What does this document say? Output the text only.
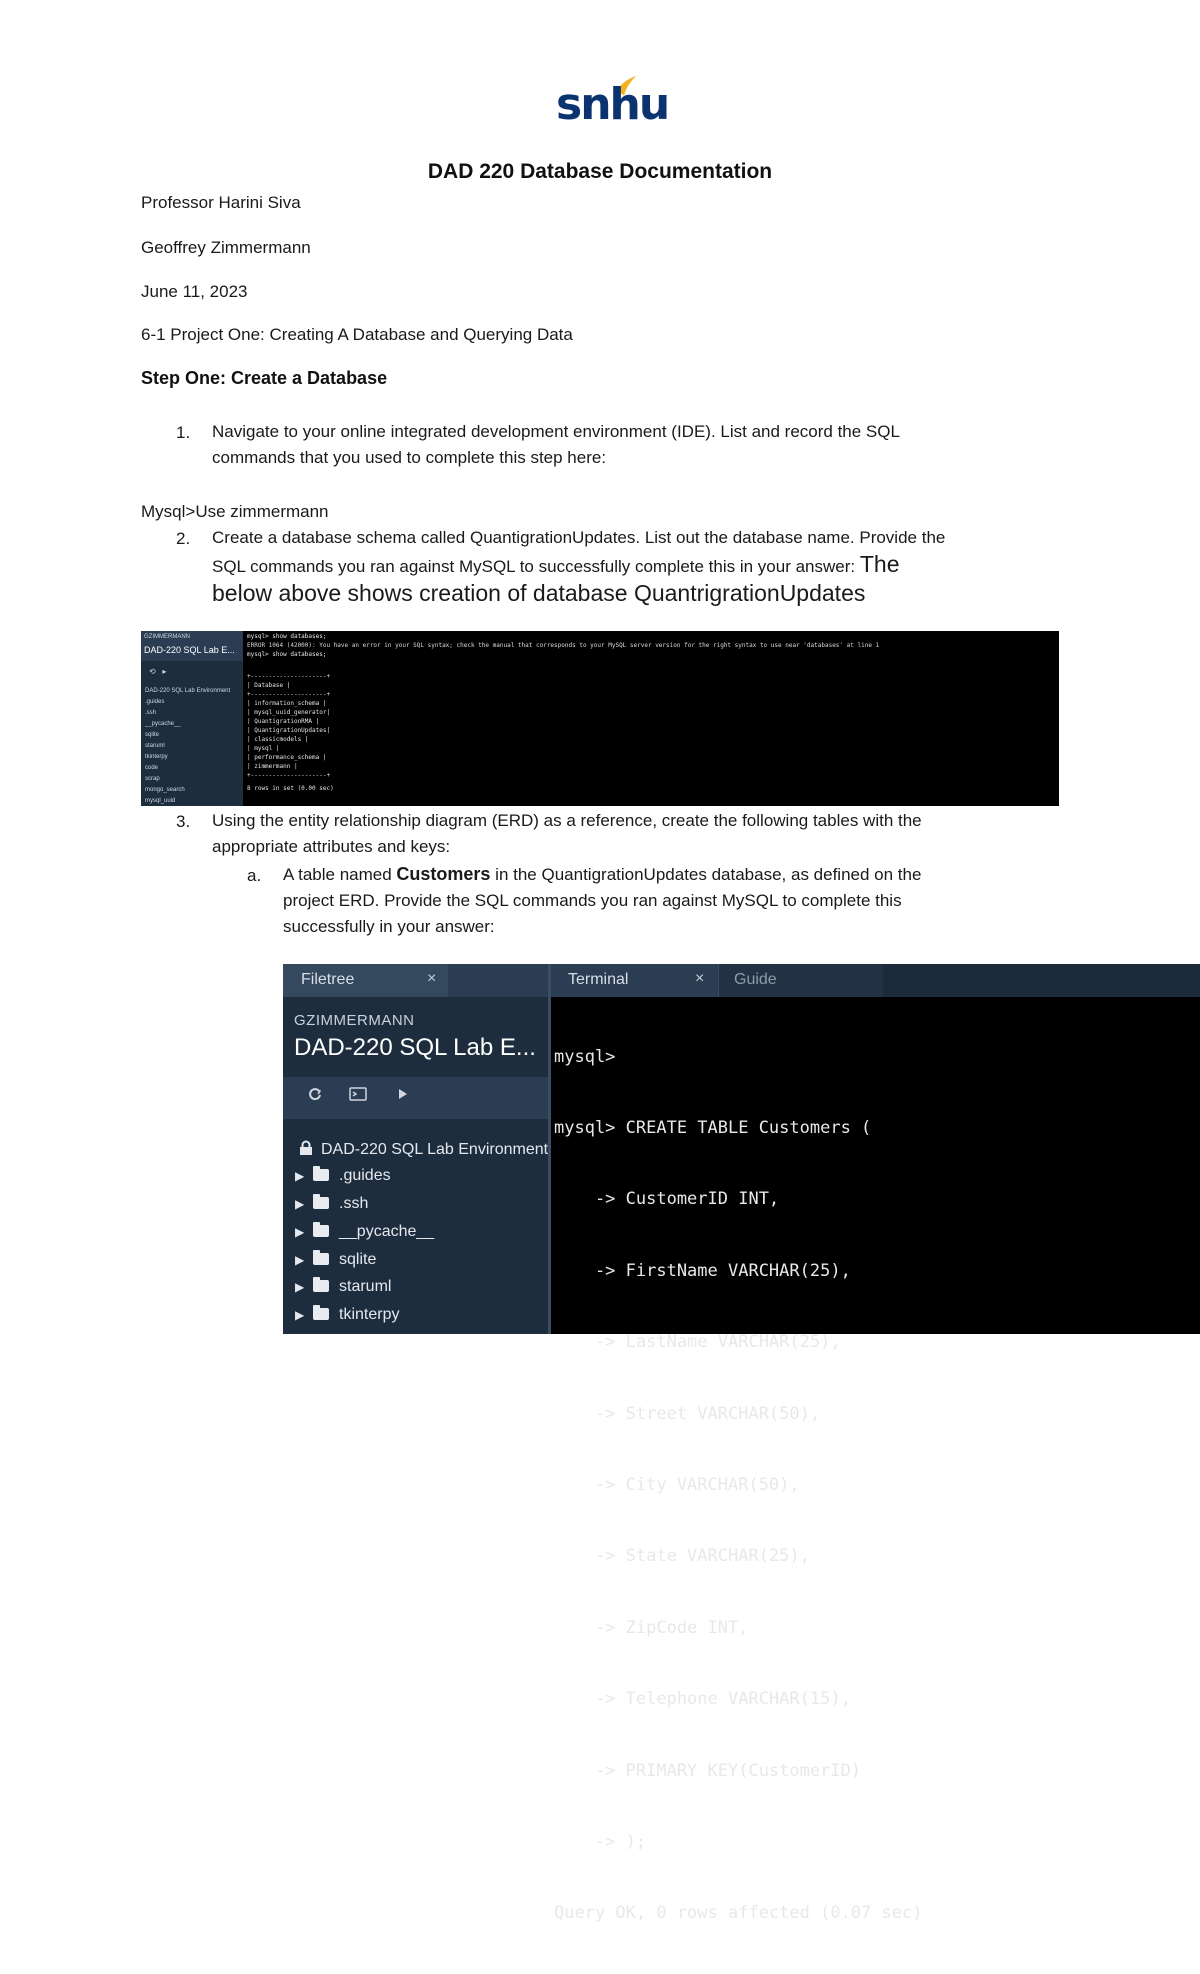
snhu
DAD 220 Database Documentation
Professor Harini Siva
Geoffrey Zimmermann
June 11, 2023
6-1 Project One: Creating A Database and Querying Data
Step One: Create a Database
1. Navigate to your online integrated development environment (IDE). List and record the SQL
commands that you used to complete this step here:
Mysql>Use zimmermann
2. Create a database schema called QuantigrationUpdates. List out the database name. Provide the
SQL commands you ran against MySQL to successfully complete this in your answer: The
below above shows creation of database QuantrigrationUpdates
GZIMMERMANN
DAD-220 SQL Lab E...
⟲   ▸
DAD-220 SQL Lab Environment
.guides
.ssh
__pycache__
sqlite
staruml
tkinterpy
code
scrap
mongo_search
mysql_uuid
mysql> show databases;
ERROR 1064 (42000): You have an error in your SQL syntax; check the manual that corresponds to your MySQL server version for the right syntax to use near 'databases' at line 1
mysql> show databases;
+---------------------+
| Database |
+---------------------+
| information_schema |
| mysql_uuid_generator|
| QuantigrationRMA |
| QuantigrationUpdates|
| classicmodels |
| mysql |
| performance_schema |
| zimmermann |
+---------------------+
8 rows in set (0.00 sec)
3. Using the entity relationship diagram (ERD) as a reference, create the following tables with the
appropriate attributes and keys:
a. A table named Customers in the QuantigrationUpdates database, as defined on the
project ERD. Provide the SQL commands you ran against MySQL to complete this
successfully in your answer:
Filetree	×
GZIMMERMANN
DAD-220 SQL Lab E...
DAD-220 SQL Lab Environment
▶ .guides
▶ .ssh
▶ __pycache__
▶ sqlite
▶ staruml
▶ tkinterpy
Terminal	× Guide

mysql>

mysql> CREATE TABLE Customers (

-> CustomerID INT,

-> FirstName VARCHAR(25),

-> LastName VARCHAR(25),

-> Street VARCHAR(50),

-> City VARCHAR(50),

-> State VARCHAR(25),

-> ZipCode INT,

-> Telephone VARCHAR(15),

-> PRIMARY KEY(CustomerID)

-> );

Query OK, 0 rows affected (0.07 sec)
